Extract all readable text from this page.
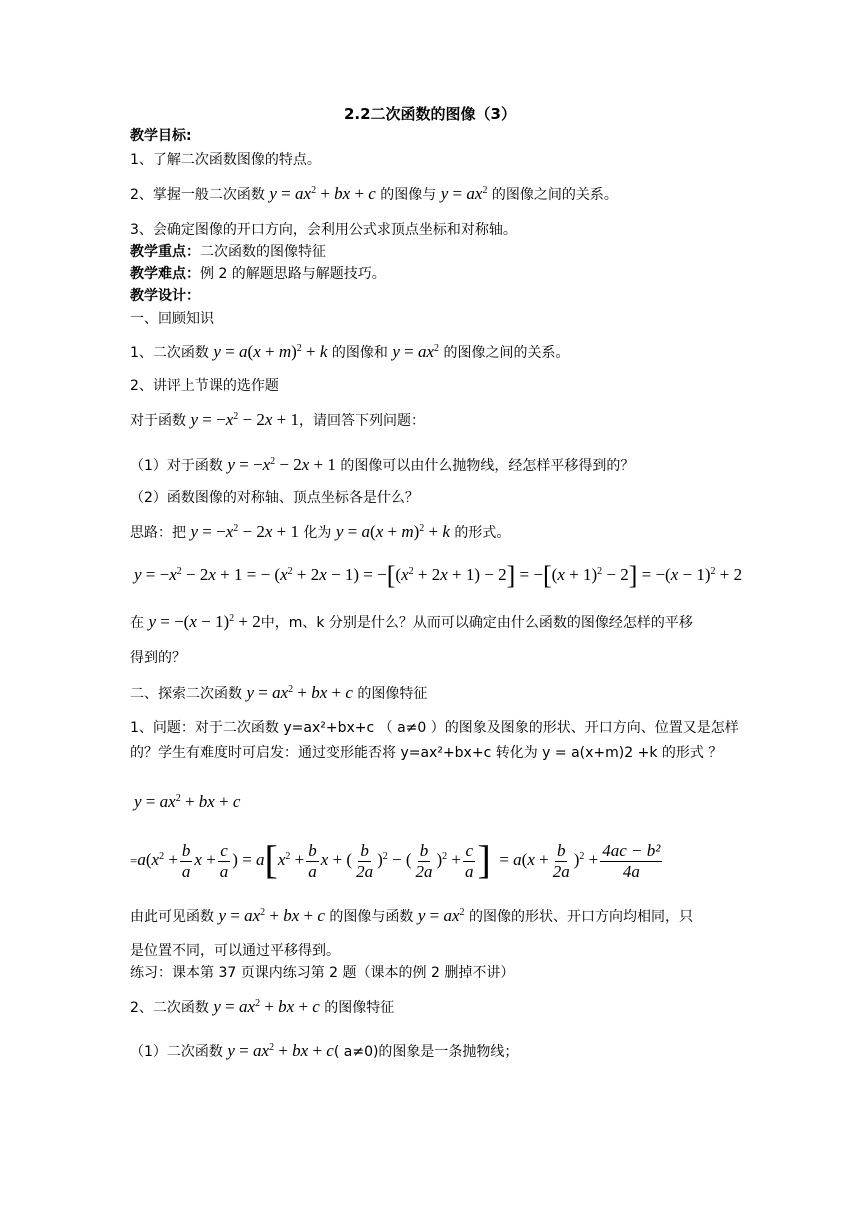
2.2二次函数的图像（3）
教学目标:
1、了解二次函数图像的特点。
2、掌握一般二次函数 $y = ax^2$ + bx + c 的图像与 $y = ax^2$ 的图像之间的关系。
3、会确定图像的开口方向，会利用公式求顶点坐标和对称轴。
教学重点：二次函数的图像特征
教学难点：例 2 的解题思路与解题技巧。
教学设计：
一、回顾知识
1、二次函数 $y = a(x + m)^2 + k$ 的图像和 $y = ax^2$ 的图像之间的关系。
2、讲评上节课的选作题
对于函数 $y = -x^2 - 2x + 1$，请回答下列问题：
（1）对于函数 $y = -x^2 - 2x + 1$ 的图像可以由什么抛物线，经怎样平移得到的？
（2）函数图像的对称轴、顶点坐标各是什么？
思路：把 $y = -x^2 - 2x + 1$ 化为 $y = a(x + m)^2 + k$ 的形式。
$y = -x^2 - 2x + 1$ = − $(x^2 + 2x - 1) = -[(x^2 + 2x + 1) - 2] = -[(x + 1)^2 - 2] = -(x - 1)^2 + 2$
在 $y = -(x - 1)^2 + 2$中，m、k 分别是什么？从而可以确定由什么函数的图像经怎样的平移
得到的？
二、探索二次函数 $y = ax^2$ + bx + c 的图像特征
1、问题：对于二次函数 y=ax²+bx+c （ a≠0 ）的图象及图象的形状、开口方向、位置又是怎样的？学生有难度时可启发：通过变形能否将 y=ax²+bx+c 转化为 y = a(x+m)2 +k 的形式 ？
$y = ax^2$ + bx + c
$=a(x^2 + \frac{b}{a}$ $x + \frac{c}{a}$ ) = $a[x^2 + \frac{b}{a}$ x + ( $\frac{b}{2a} )^2$ − ( $\frac{b}{2a} )^2 + \frac{c}{a}$ ]  = $a(x + \frac{b}{2a} )^2 + \frac{\text{4ac − b²}}{4a}$
由此可见函数 $y = ax^2$ + bx + c 的图像与函数 $y = ax^2$ 的图像的形状、开口方向均相同，只
是位置不同，可以通过平移得到。
练习：课本第 37 页课内练习第 2 题（课本的例 2 删掉不讲）
2、二次函数 $y = ax^2$ + bx + c 的图像特征
（1）二次函数 $y = ax^2$ + bx + c( a≠0)的图象是一条抛物线；
